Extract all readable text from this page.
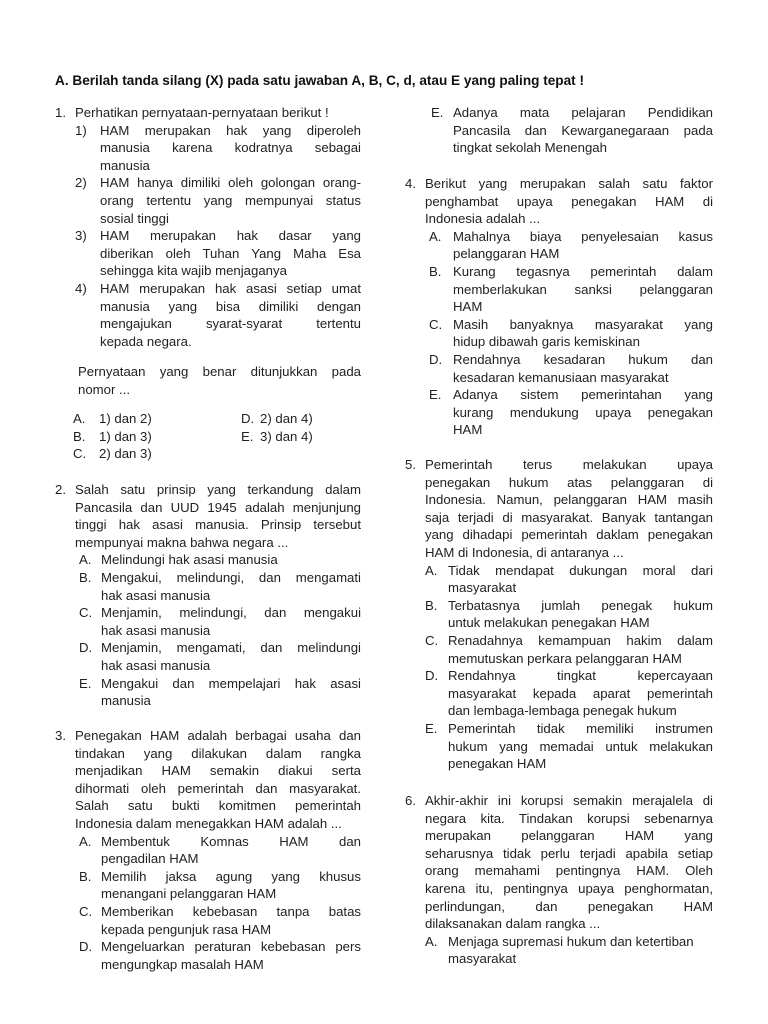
A. Berilah tanda silang (X) pada satu jawaban A, B, C, d, atau E yang paling tepat !
1. Perhatikan pernyataan-pernyataan berikut !
1) HAM merupakan hak yang diperoleh
manusia karena kodratnya sebagai
manusia
2) HAM hanya dimiliki oleh golongan orang-
orang tertentu yang mempunyai status
sosial tinggi
3) HAM merupakan hak dasar yang
diberikan oleh Tuhan Yang Maha Esa
sehingga kita wajib menjaganya
4) HAM merupakan hak asasi setiap umat
manusia yang bisa dimiliki dengan
mengajukan syarat-syarat tertentu
kepada negara.
Pernyataan yang benar ditunjukkan pada
nomor ...
A. 1) dan 2)
B. 1) dan 3)
C. 2) dan 3)
D. 2) dan 4)
E. 3) dan 4)
2. Salah satu prinsip yang terkandung dalam
Pancasila dan UUD 1945 adalah menjunjung
tinggi hak asasi manusia. Prinsip tersebut
mempunyai makna bahwa negara ...
A. Melindungi hak asasi manusia
B. Mengakui, melindungi, dan mengamati
hak asasi manusia
C. Menjamin, melindungi, dan mengakui
hak asasi manusia
D. Menjamin, mengamati, dan melindungi
hak asasi manusia
E. Mengakui dan mempelajari hak asasi
manusia
3. Penegakan HAM adalah berbagai usaha dan
tindakan yang dilakukan dalam rangka
menjadikan HAM semakin diakui serta
dihormati oleh pemerintah dan masyarakat.
Salah satu bukti komitmen pemerintah
Indonesia dalam menegakkan HAM adalah ...
A. Membentuk Komnas HAM dan
pengadilan HAM
B. Memilih jaksa agung yang khusus
menangani pelanggaran HAM
C. Memberikan kebebasan tanpa batas
kepada pengunjuk rasa HAM
D. Mengeluarkan peraturan kebebasan pers
mengungkap masalah HAM
E. Adanya mata pelajaran Pendidikan
Pancasila dan Kewarganegaraan pada
tingkat sekolah Menengah
4. Berikut yang merupakan salah satu faktor
penghambat upaya penegakan HAM di
Indonesia adalah ...
A. Mahalnya biaya penyelesaian kasus
pelanggaran HAM
B. Kurang tegasnya pemerintah dalam
memberlakukan sanksi pelanggaran
HAM
C. Masih banyaknya masyarakat yang
hidup dibawah garis kemiskinan
D. Rendahnya kesadaran hukum dan
kesadaran kemanusiaan masyarakat
E. Adanya sistem pemerintahan yang
kurang mendukung upaya penegakan
HAM
5. Pemerintah terus melakukan upaya
penegakan hukum atas pelanggaran di
Indonesia. Namun, pelanggaran HAM masih
saja terjadi di masyarakat. Banyak tantangan
yang dihadapi pemerintah daklam penegakan
HAM di Indonesia, di antaranya ...
A. Tidak mendapat dukungan moral dari
masyarakat
B. Terbatasnya jumlah penegak hukum
untuk melakukan penegakan HAM
C. Renadahnya kemampuan hakim dalam
memutuskan perkara pelanggaran HAM
D. Rendahnya tingkat kepercayaan
masyarakat kepada aparat pemerintah
dan lembaga-lembaga penegak hukum
E. Pemerintah tidak memiliki instrumen
hukum yang memadai untuk melakukan
penegakan HAM
6. Akhir-akhir ini korupsi semakin merajalela di
negara kita. Tindakan korupsi sebenarnya
merupakan pelanggaran HAM yang
seharusnya tidak perlu terjadi apabila setiap
orang memahami pentingnya HAM. Oleh
karena itu, pentingnya upaya penghormatan,
perlindungan, dan penegakan HAM
dilaksanakan dalam rangka ...
A. Menjaga supremasi hukum dan ketertiban
masyarakat
